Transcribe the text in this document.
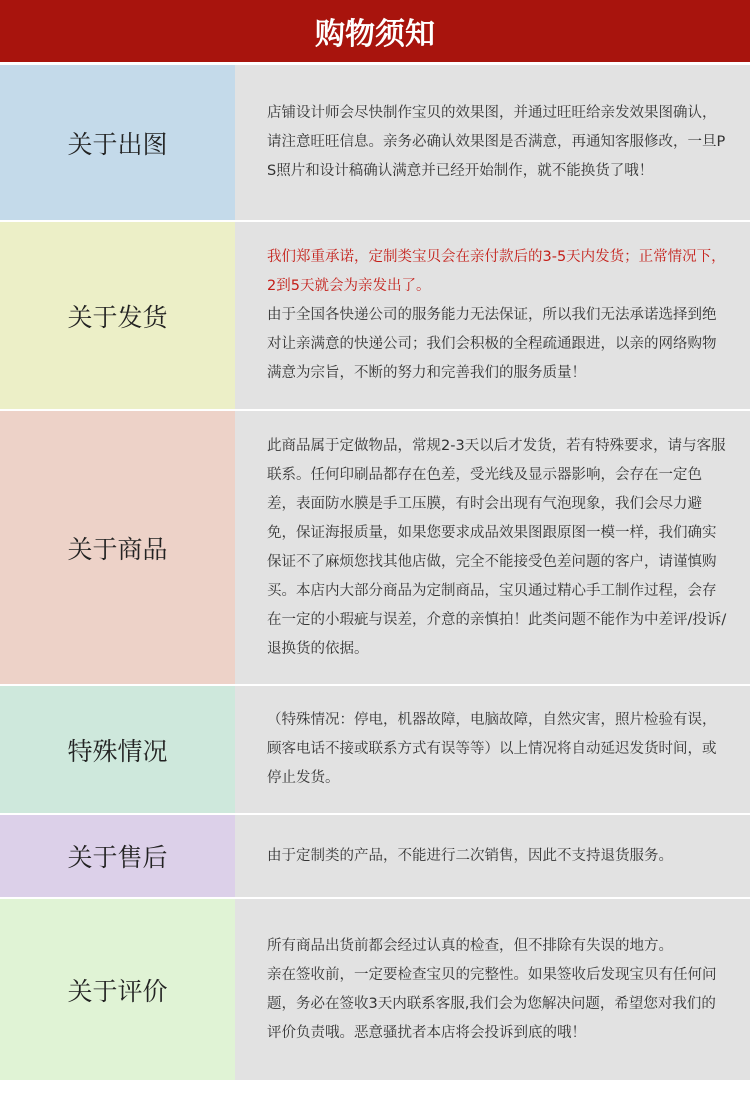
购物须知
关于出图

店铺设计师会尽快制作宝贝的效果图，并通过旺旺给亲发效果图确认，请注意旺旺信息。亲务必确认效果图是否满意，再通知客服修改，一旦PS照片和设计稿确认满意并已经开始制作，就不能换货了哦！

关于发货

我们郑重承诺，定制类宝贝会在亲付款后的3-5天内发货；正常情况下，2到5天就会为亲发出了。

由于全国各快递公司的服务能力无法保证，所以我们无法承诺选择到绝对让亲满意的快递公司；我们会积极的全程疏通跟进，以亲的网络购物满意为宗旨，不断的努力和完善我们的服务质量！

关于商品

此商品属于定做物品，常规2-3天以后才发货，若有特殊要求，请与客服联系。任何印刷品都存在色差，受光线及显示器影响，会存在一定色差，表面防水膜是手工压膜，有时会出现有气泡现象，我们会尽力避免，保证海报质量，如果您要求成品效果图跟原图一模一样，我们确实保证不了麻烦您找其他店做，完全不能接受色差问题的客户，请谨慎购买。本店内大部分商品为定制商品，宝贝通过精心手工制作过程，会存在一定的小瑕疵与误差，介意的亲慎拍！此类问题不能作为中差评/投诉/退换货的依据。

特殊情况

（特殊情况：停电，机器故障，电脑故障，自然灾害，照片检验有误，顾客电话不接或联系方式有误等等）以上情况将自动延迟发货时间，或停止发货。

关于售后	由于定制类的产品，不能进行二次销售，因此不支持退货服务。

关于评价

所有商品出货前都会经过认真的检查，但不排除有失误的地方。

亲在签收前，一定要检查宝贝的完整性。如果签收后发现宝贝有任何问题，务必在签收3天内联系客服,我们会为您解决问题，希望您对我们的评价负责哦。恶意骚扰者本店将会投诉到底的哦！
